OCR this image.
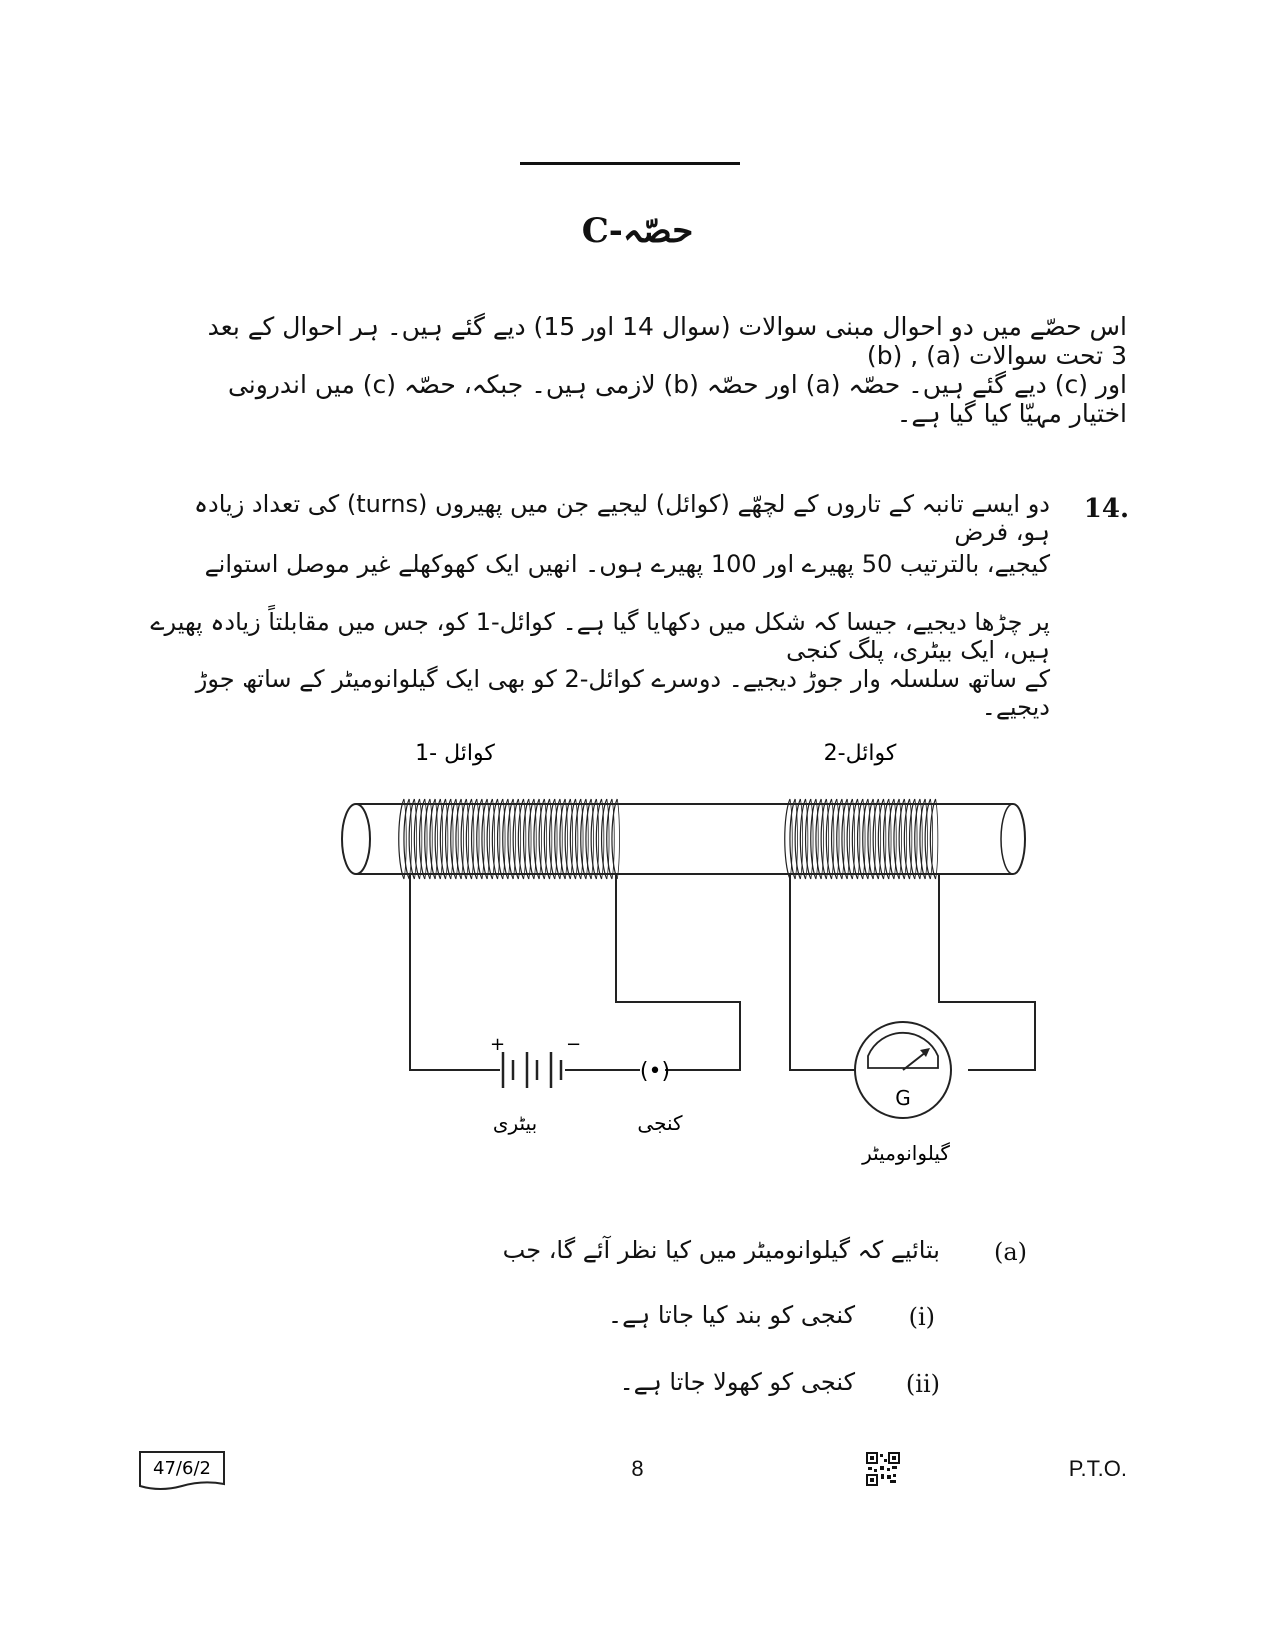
حصّہ-C
اس حصّے میں دو احوال مبنی سوالات (سوال 14 اور 15) دیے گئے ہیں۔ ہر احوال کے بعد 3 تحت سوالات (a) , (b)
اور (c) دیے گئے ہیں۔ حصّہ (a) اور حصّہ (b) لازمی ہیں۔ جبکہ، حصّہ (c) میں اندرونی اختیار مہیّا کیا گیا ہے۔
14.
دو ایسے تانبہ کے تاروں کے لچھّے (کوائل) لیجیے جن میں پھیروں (turns) کی تعداد زیادہ ہو، فرض
کیجیے، بالترتیب 50 پھیرے اور 100 پھیرے ہوں۔ انھیں ایک کھوکھلے غیر موصل استوانے
پر چڑھا دیجیے، جیسا کہ شکل میں دکھایا گیا ہے۔ کوائل-1 کو، جس میں مقابلتاً زیادہ پھیرے ہیں، ایک بیٹری، پلگ کنجی
کے ساتھ سلسلہ وار جوڑ دیجیے۔ دوسرے کوائل-2 کو بھی ایک گیلوانومیٹر کے ساتھ جوڑ دیجیے۔
کوائل -1	کوائل-2
+	−
بیٹری
(•)
کنجی
G
گیلوانومیٹر
(a)
بتائیے کہ گیلوانومیٹر میں کیا نظر آئے گا، جب
(i)
کنجی کو بند کیا جاتا ہے۔
(ii)
کنجی کو کھولا جاتا ہے۔
47/6/2	8	P.T.O.
